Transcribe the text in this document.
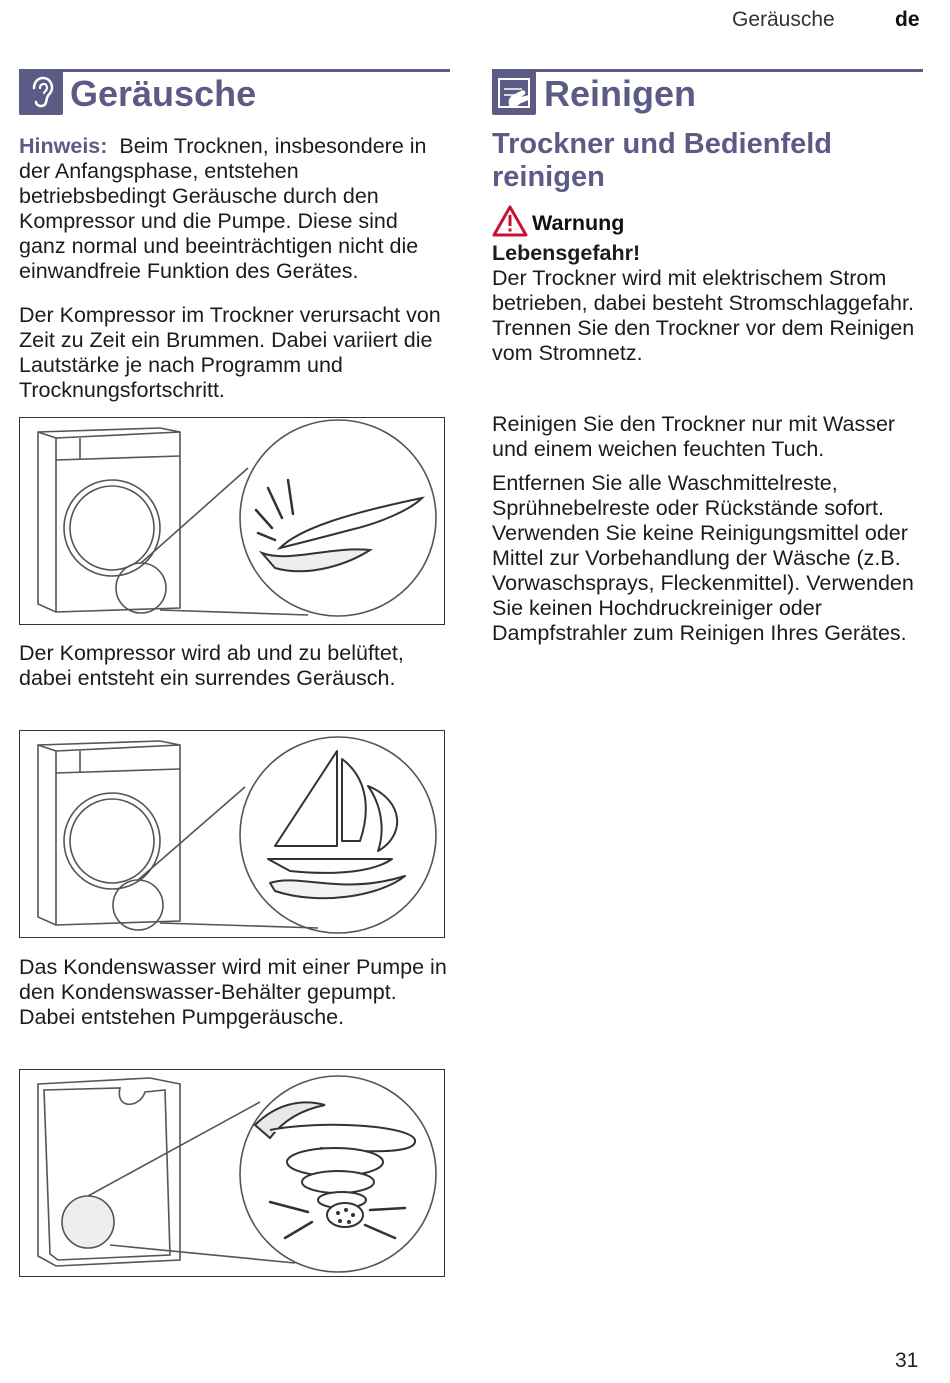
Geräusche	de
Geräusche
Hinweis: Beim Trocknen, insbesondere in der Anfangsphase, entstehen betriebsbedingt Geräusche durch den Kompressor und die Pumpe. Diese sind ganz normal und beeinträchtigen nicht die einwandfreie Funktion des Gerätes.
Der Kompressor im Trockner verursacht von Zeit zu Zeit ein Brummen. Dabei variiert die Lautstärke je nach Programm und Trocknungsfortschritt.
Der Kompressor wird ab und zu belüftet, dabei entsteht ein surrendes Geräusch.
Das Kondenswasser wird mit einer Pumpe in den Kondenswasser-Behälter gepumpt. Dabei entstehen Pumpgeräusche.
Reinigen
Trockner und Bedienfeld reinigen
Warnung

Lebensgefahr!

Der Trockner wird mit elektrischem Strom betrieben, dabei besteht Stromschlaggefahr.

Trennen Sie den Trockner vor dem Reinigen vom Stromnetz.

Reinigen Sie den Trockner nur mit Wasser und einem weichen feuchten Tuch.
Entfernen Sie alle Waschmittelreste, Sprühnebelreste oder Rückstände sofort. Verwenden Sie keine Reinigungsmittel oder Mittel zur Vorbehandlung der Wäsche (z.B. Vorwaschsprays, Fleckenmittel). Verwenden Sie keinen Hochdruckreiniger oder Dampfstrahler zum Reinigen Ihres Gerätes.
31
